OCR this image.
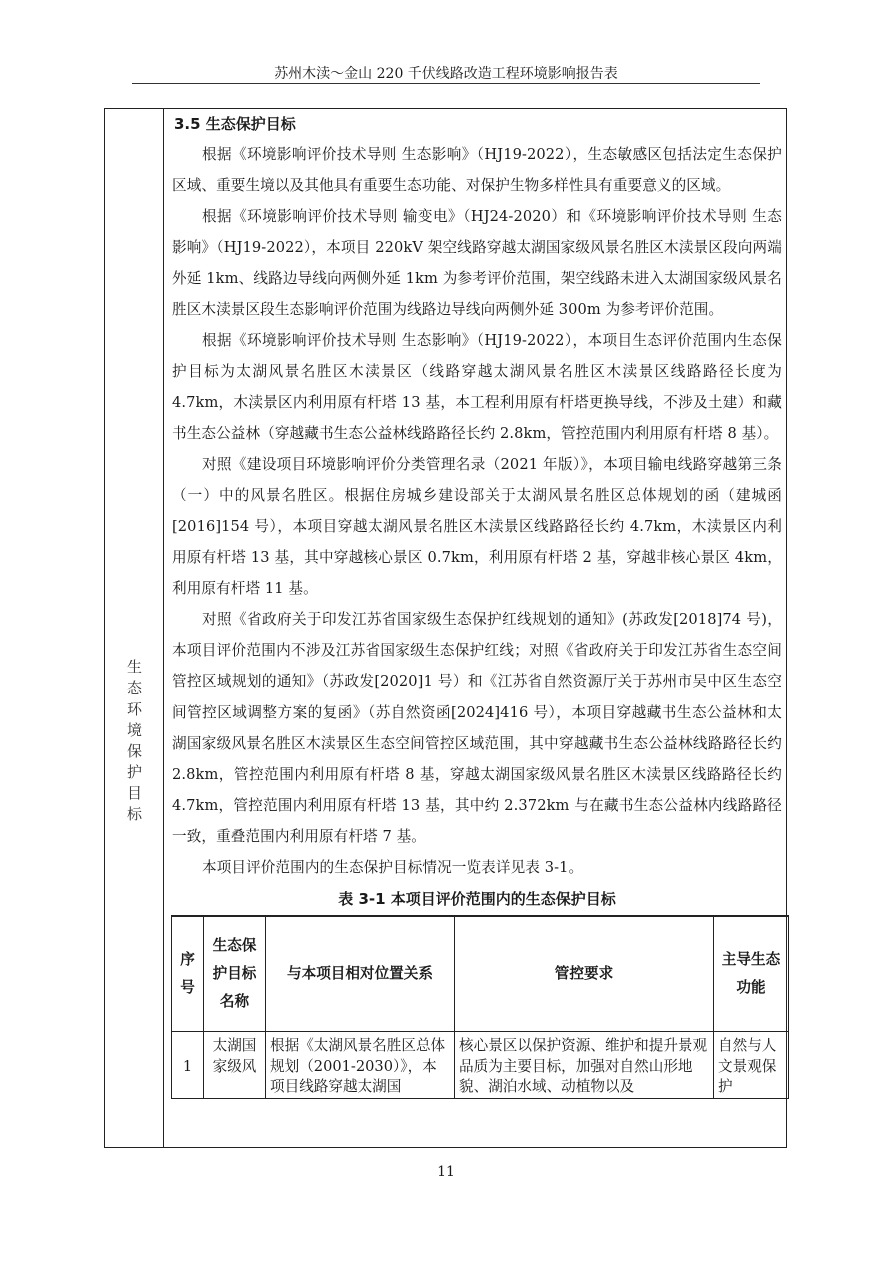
苏州木渎～金山 220 千伏线路改造工程环境影响报告表
生
态
环
境
保
护
目
标
3.5 生态保护目标

根据《环境影响评价技术导则 生态影响》（HJ19-2022），生态敏感区包括法定生态保护区域、重要生境以及其他具有重要生态功能、对保护生物多样性具有重要意义的区域。

根据《环境影响评价技术导则 输变电》（HJ24-2020）和《环境影响评价技术导则 生态影响》（HJ19-2022），本项目 220kV 架空线路穿越太湖国家级风景名胜区木渎景区段向两端外延 1km、线路边导线向两侧外延 1km 为参考评价范围，架空线路未进入太湖国家级风景名胜区木渎景区段生态影响评价范围为线路边导线向两侧外延 300m 为参考评价范围。

根据《环境影响评价技术导则 生态影响》（HJ19-2022），本项目生态评价范围内生态保护目标为太湖风景名胜区木渎景区（线路穿越太湖风景名胜区木渎景区线路路径长度为 4.7km，木渎景区内利用原有杆塔 13 基，本工程利用原有杆塔更换导线，不涉及土建）和藏书生态公益林（穿越藏书生态公益林线路路径长约 2.8km，管控范围内利用原有杆塔 8 基）。

对照《建设项目环境影响评价分类管理名录（2021 年版）》，本项目输电线路穿越第三条（一）中的风景名胜区。根据住房城乡建设部关于太湖风景名胜区总体规划的函（建城函[2016]154 号），本项目穿越太湖风景名胜区木渎景区线路路径长约 4.7km，木渎景区内利用原有杆塔 13 基，其中穿越核心景区 0.7km，利用原有杆塔 2 基，穿越非核心景区 4km，利用原有杆塔 11 基。

对照《省政府关于印发江苏省国家级生态保护红线规划的通知》(苏政发[2018]74 号)，本项目评价范围内不涉及江苏省国家级生态保护红线；对照《省政府关于印发江苏省生态空间管控区域规划的通知》（苏政发[2020]1 号）和《江苏省自然资源厅关于苏州市吴中区生态空间管控区域调整方案的复函》（苏自然资函[2024]416 号），本项目穿越藏书生态公益林和太湖国家级风景名胜区木渎景区生态空间管控区域范围，其中穿越藏书生态公益林线路路径长约 2.8km，管控范围内利用原有杆塔 8 基，穿越太湖国家级风景名胜区木渎景区线路路径长约 4.7km，管控范围内利用原有杆塔 13 基，其中约 2.372km 与在藏书生态公益林内线路路径一致，重叠范围内利用原有杆塔 7 基。

本项目评价范围内的生态保护目标情况一览表详见表 3-1。

表 3-1 本项目评价范围内的生态保护目标
序号	生态保护目标名称	与本项目相对位置关系	管控要求	主导生态功能
1	太湖国家级风	根据《太湖风景名胜区总体规划（2001-2030）》，本项目线路穿越太湖国	核心景区以保护资源、维护和提升景观品质为主要目标，加强对自然山形地貌、湖泊水域、动植物以及	自然与人文景观保护
11
